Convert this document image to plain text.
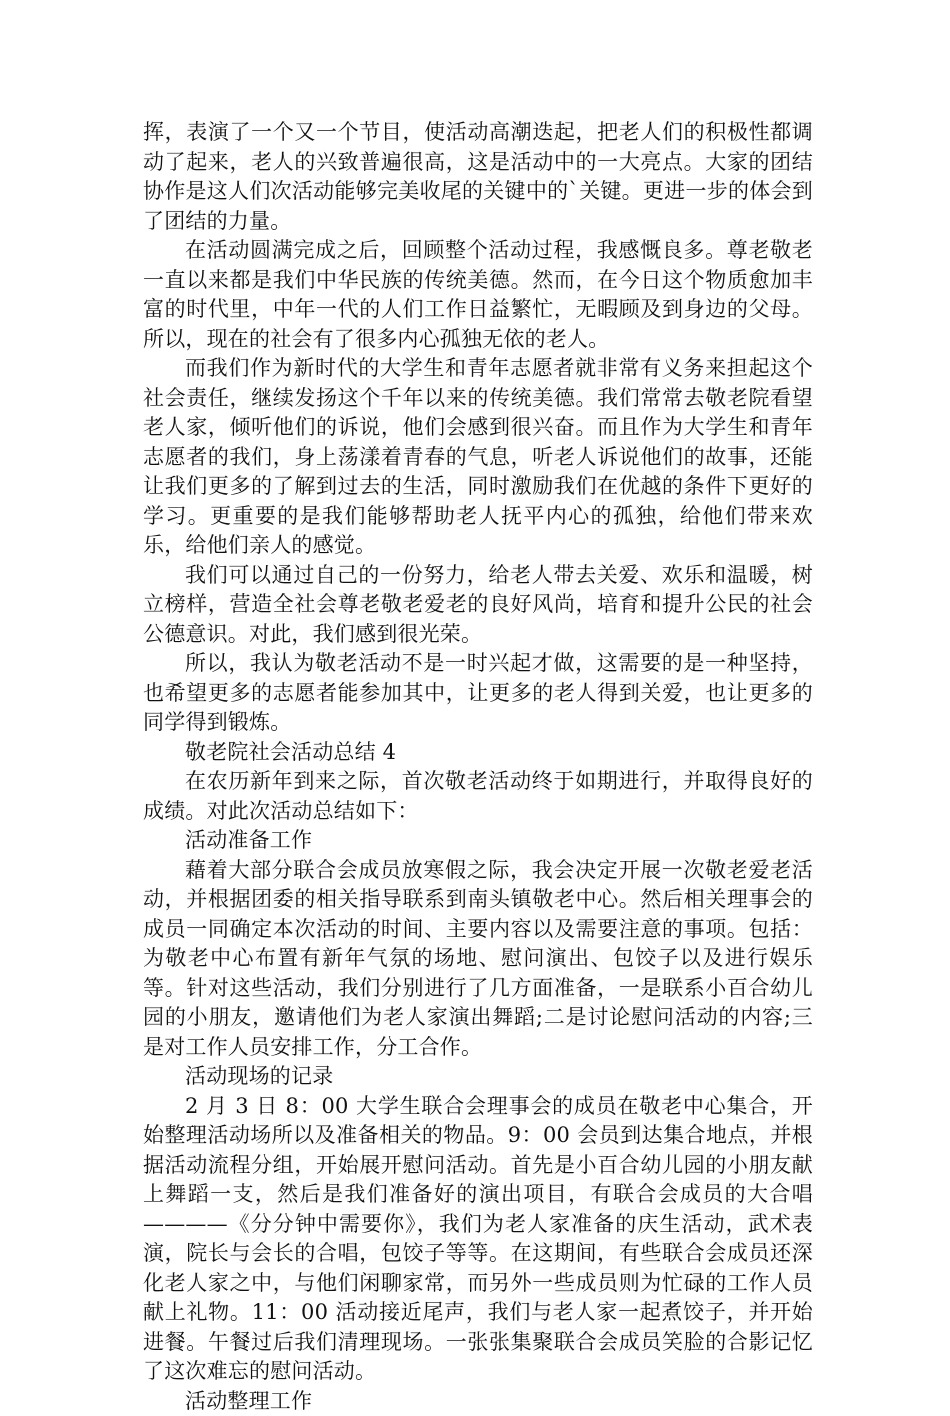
挥，表演了一个又一个节目，使活动高潮迭起，把老人们的积极性都调动了起来，老人的兴致普遍很高，这是活动中的一大亮点。大家的团结协作是这人们次活动能够完美收尾的关键中的`关键。更进一步的体会到了团结的力量。

在活动圆满完成之后，回顾整个活动过程，我感慨良多。尊老敬老一直以来都是我们中华民族的传统美德。然而，在今日这个物质愈加丰富的时代里，中年一代的人们工作日益繁忙，无暇顾及到身边的父母。所以，现在的社会有了很多内心孤独无依的老人。

而我们作为新时代的大学生和青年志愿者就非常有义务来担起这个社会责任，继续发扬这个千年以来的传统美德。我们常常去敬老院看望老人家，倾听他们的诉说，他们会感到很兴奋。而且作为大学生和青年志愿者的我们，身上荡漾着青春的气息，听老人诉说他们的故事，还能让我们更多的了解到过去的生活，同时激励我们在优越的条件下更好的学习。更重要的是我们能够帮助老人抚平内心的孤独，给他们带来欢乐，给他们亲人的感觉。

我们可以通过自己的一份努力，给老人带去关爱、欢乐和温暖，树立榜样，营造全社会尊老敬老爱老的良好风尚，培育和提升公民的社会公德意识。对此，我们感到很光荣。

所以，我认为敬老活动不是一时兴起才做，这需要的是一种坚持，也希望更多的志愿者能参加其中，让更多的老人得到关爱，也让更多的同学得到锻炼。

敬老院社会活动总结 4

在农历新年到来之际，首次敬老活动终于如期进行，并取得良好的成绩。对此次活动总结如下：

活动准备工作

藉着大部分联合会成员放寒假之际，我会决定开展一次敬老爱老活动，并根据团委的相关指导联系到南头镇敬老中心。然后相关理事会的成员一同确定本次活动的时间、主要内容以及需要注意的事项。包括：为敬老中心布置有新年气氛的场地、慰问演出、包饺子以及进行娱乐等。针对这些活动，我们分别进行了几方面准备，一是联系小百合幼儿园的小朋友，邀请他们为老人家演出舞蹈;二是讨论慰问活动的内容;三是对工作人员安排工作，分工合作。

活动现场的记录

2 月 3 日 8：00 大学生联合会理事会的成员在敬老中心集合，开始整理活动场所以及准备相关的物品。9：00 会员到达集合地点，并根据活动流程分组，开始展开慰问活动。首先是小百合幼儿园的小朋友献上舞蹈一支，然后是我们准备好的演出项目，有联合会成员的大合唱————《分分钟中需要你》，我们为老人家准备的庆生活动，武术表演，院长与会长的合唱，包饺子等等。在这期间，有些联合会成员还深化老人家之中，与他们闲聊家常，而另外一些成员则为忙碌的工作人员献上礼物。11：00 活动接近尾声，我们与老人家一起煮饺子，并开始进餐。午餐过后我们清理现场。一张张集聚联合会成员笑脸的合影记忆了这次难忘的慰问活动。

活动整理工作
